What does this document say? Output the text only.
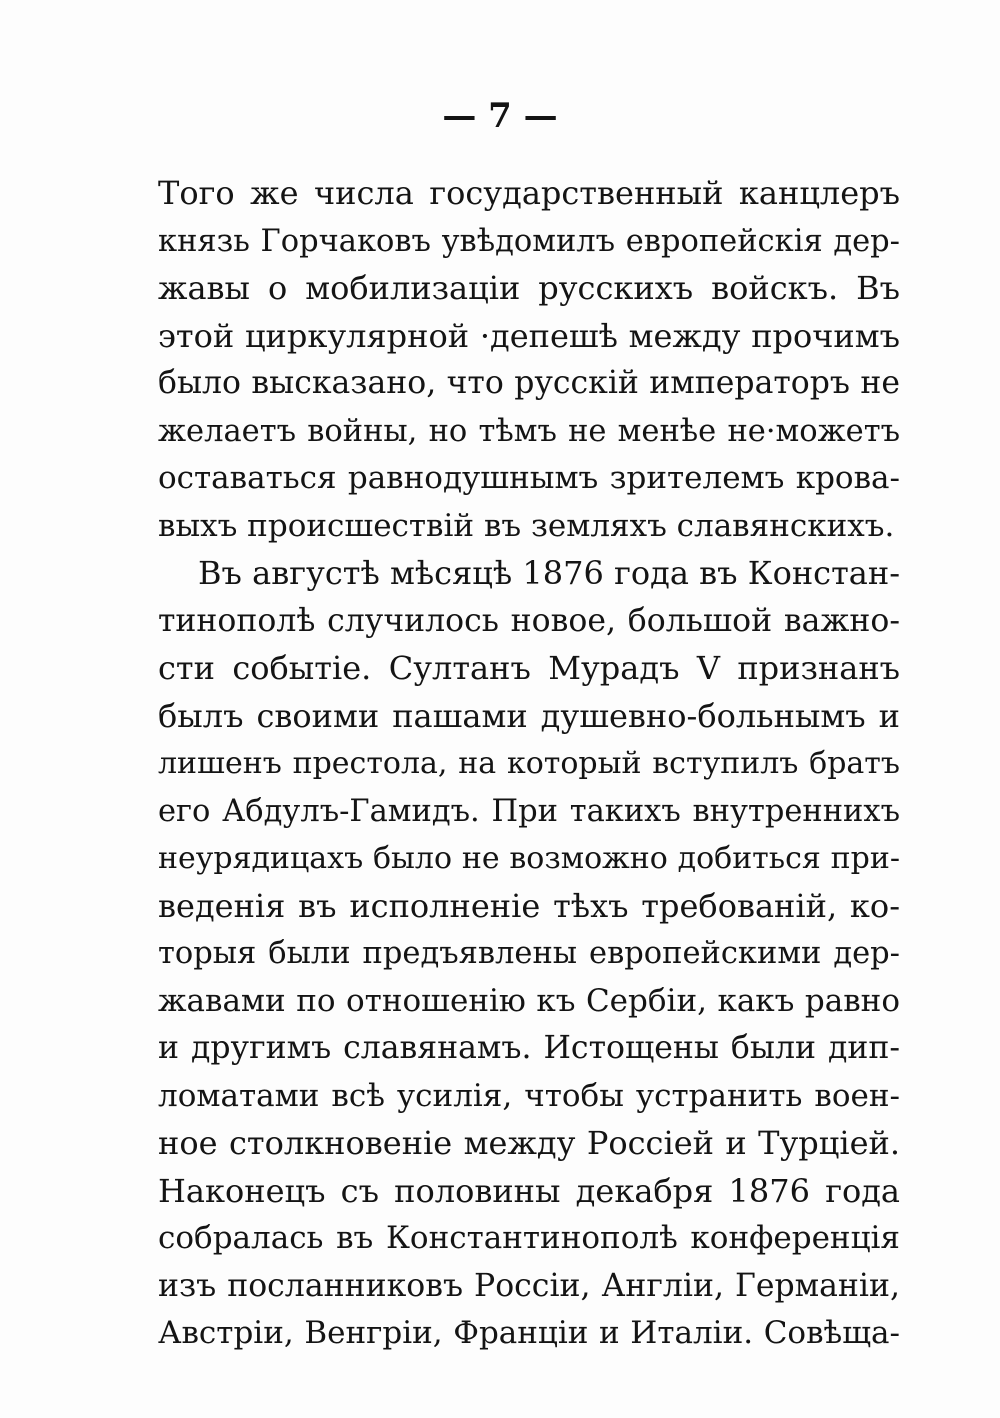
— 7 —
Того же числа государственный канцлеръ
князь Горчаковъ увѣдомилъ европейскія дер-
жавы о мобилизаціи русскихъ войскъ. Въ
этой циркулярной ·депешѣ между прочимъ
было высказано, что русскій императоръ не
желаетъ войны, но тѣмъ не менѣе не·можетъ
оставаться равнодушнымъ зрителемъ крова-
выхъ происшествій въ земляхъ славянскихъ.
Въ августѣ мѣсяцѣ 1876 года въ Констан-
тинополѣ случилось новое, большой важно-
сти событіе. Султанъ Мурадъ V признанъ
былъ своими пашами душевно-больнымъ и
лишенъ престола, на который вступилъ братъ
его Абдулъ-Гамидъ. При такихъ внутреннихъ
неурядицахъ было не возможно добиться при-
веденія въ исполненіе тѣхъ требованій, ко-
торыя были предъявлены европейскими дер-
жавами по отношенію къ Сербіи, какъ равно
и другимъ славянамъ. Истощены были дип-
ломатами всѣ усилія, чтобы устранить воен-
ное столкновеніе между Россіей и Турціей.
Наконецъ съ половины декабря 1876 года
собралась въ Константинополѣ конференція
изъ посланниковъ Россіи, Англіи, Германіи,
Австріи, Венгріи, Франціи и Италіи. Совѣща-
